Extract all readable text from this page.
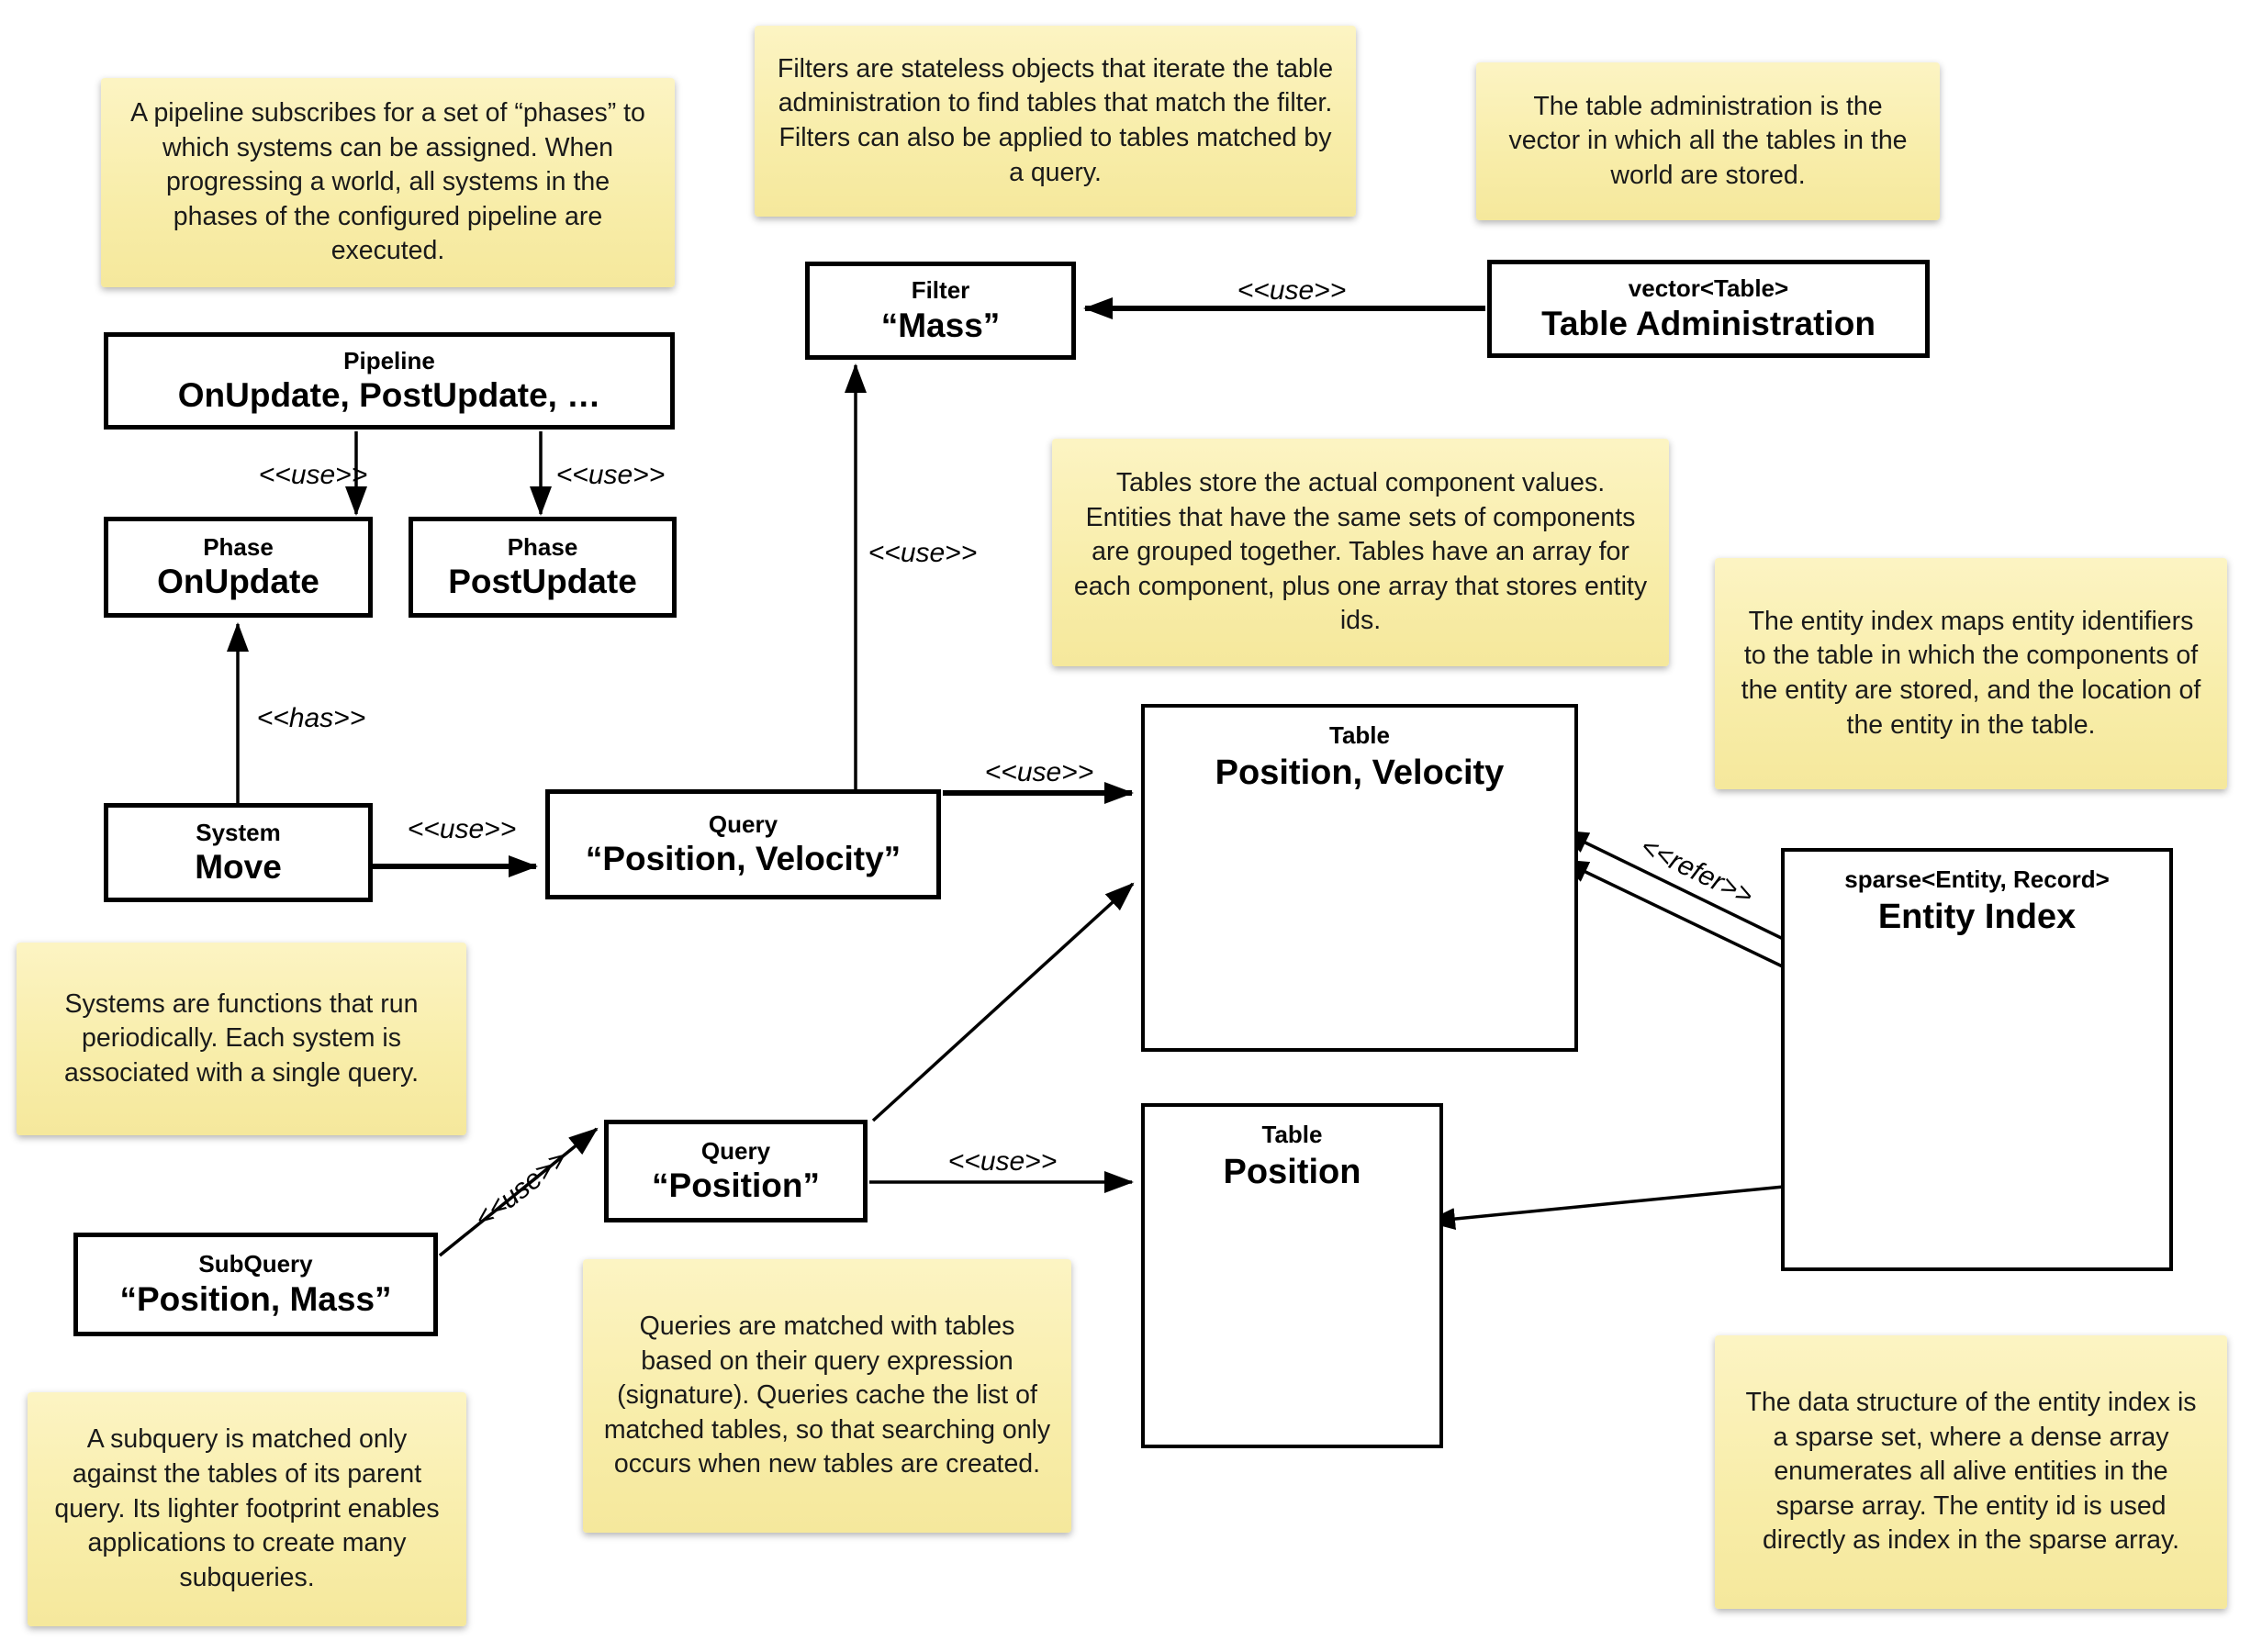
A pipeline subscribes for a set of “phases” to which systems can be assigned. When progressing a world, all systems in the phases of the configured pipeline are executed.
Filters are stateless objects that iterate the table administration to find tables that match the filter. Filters can also be applied to tables matched by a query.
The table administration is the vector in which all the tables in the world are stored.
Tables store the actual component values. Entities that have the same sets of components are grouped together. Tables have an array for each component, plus one array that stores entity ids.	The entity index maps entity identifiers to the table in which the components of the entity are stored, and the location of the entity in the table.
Systems are functions that run periodically. Each system is associated with a single query.
Queries are matched with tables based on their query expression (signature). Queries cache the list of matched tables, so that searching only occurs when new tables are created.
A subquery is matched only against the tables of its parent query. Its lighter footprint enables applications to create many subqueries.
The data structure of the entity index is a sparse set, where a dense array enumerates all alive entities in the sparse array. The entity id is used directly as index in the sparse array.
Pipeline
OnUpdate, PostUpdate, …
Phase
OnUpdate
Phase
PostUpdate
Filter
“Mass”
vector<Table>
Table Administration
System
Move
Query
“Position, Velocity”
Query
“Position”
SubQuery
“Position, Mass”
Table
Position, Velocity
Table
Position
sparse<Entity, Record>
Entity Index
<<use>>	<<use>>
<<has>>
<<use>>
<<use>>
<<use>>
<<use>>
<<use>>
<<use>>
<<refer>>
